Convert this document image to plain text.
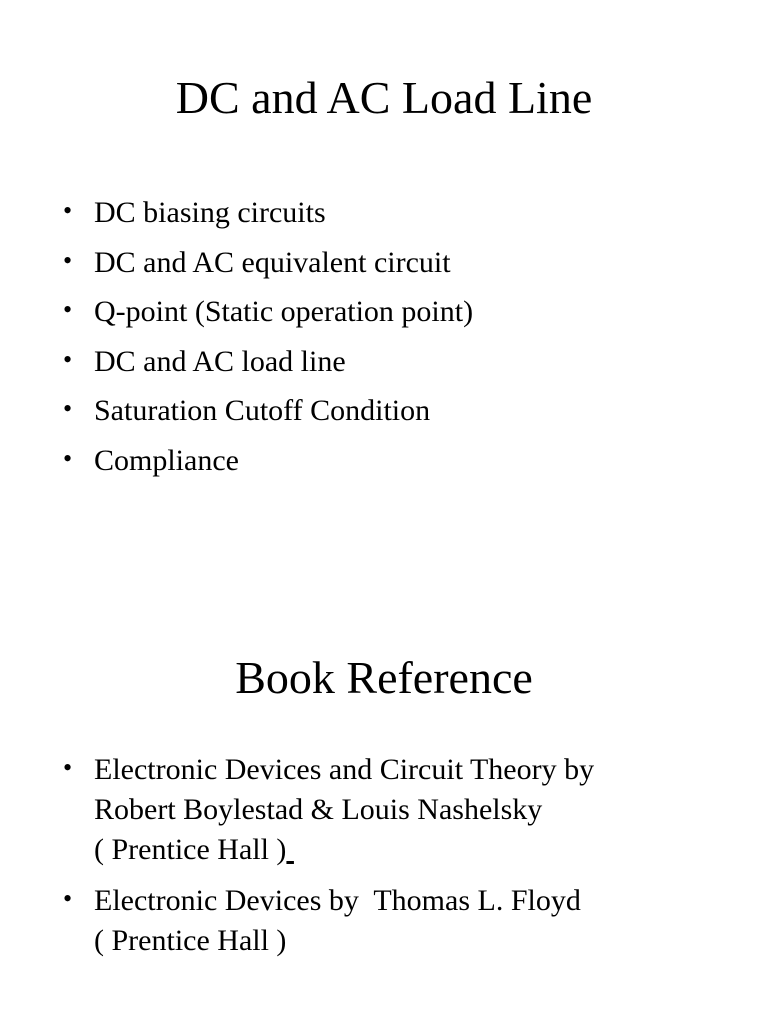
DC and AC Load Line
• DC biasing circuits
• DC and AC equivalent circuit
• Q-point (Static operation point)
• DC and AC load line
• Saturation Cutoff Condition
• Compliance
Book Reference
• Electronic Devices and Circuit Theory by
Robert Boylestad & Louis Nashelsky
( Prentice Hall )
• Electronic Devices by  Thomas L. Floyd
( Prentice Hall )
